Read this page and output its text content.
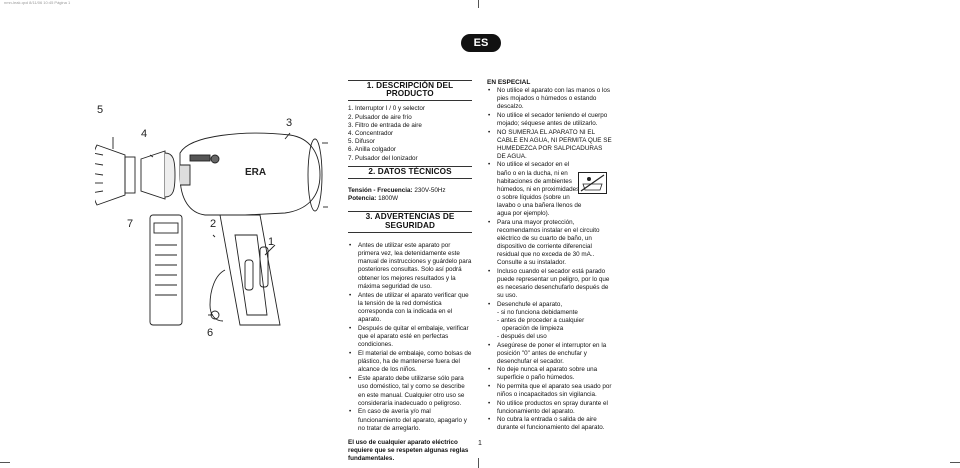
nmn-leak.qxd 8/11/06 10:45 Página 1
ES
ERA
1
2
3
4
5
6
7
1. DESCRIPCIÓN DEL PRODUCTO
1. Interruptor I / 0 y selector
2. Pulsador de aire frío
3. Filtro de entrada de aire
4. Concentrador
5. Difusor
6. Anilla colgador
7. Pulsador del Ionizador
2. DATOS TÉCNICOS
Tensión - Frecuencia: 230V-50Hz
Potencia: 1800W
3. ADVERTENCIAS DE SEGURIDAD
• Antes de utilizar este aparato por primera vez, lea detenidamente este manual de instrucciones y guárdelo para posteriores consultas. Solo así podrá obtener los mejores resultados y la máxima seguridad de uso.
• Antes de utilizar el aparato verificar que la tensión de la red doméstica corresponda con la indicada en el aparato.
• Después de quitar el embalaje, verificar que el aparato esté en perfectas condiciones.
• El material de embalaje, como bolsas de plástico, ha de mantenerse fuera del alcance de los niños.
• Este aparato debe utilizarse sólo para uso doméstico, tal y como se describe en este manual. Cualquier otro uso se consideraría inadecuado o peligroso.
• En caso de avería y/o mal funcionamiento del aparato, apagarlo y no tratar de arreglarlo.
El uso de cualquier aparato eléctrico requiere que se respeten algunas reglas fundamentales.
EN ESPECIAL
• No utilice el aparato con las manos o los pies mojados o húmedos o estando descalzo.
• No utilice el secador teniendo el cuerpo mojado; séquese antes de utilizarlo.
• NO SUMERJA EL APARATO NI EL CABLE EN AGUA, NI PERMITA QUE SE HUMEDEZCA POR SALPICADURAS DE AGUA.
• No utilice el secador en el baño o en la ducha, ni en habitaciones de ambientes húmedos, ni en proximidades o sobre líquidos (sobre un lavabo o una bañera llenos de agua por ejemplo).
• Para una mayor protección, recomendamos instalar en el circuito eléctrico de su cuarto de baño, un dispositivo de corriente diferencial residual que no exceda de 30 mA.. Consulte a su instalador.
• Incluso cuando el secador está parado puede representar un peligro, por lo que es necesario desenchufarlo después de su uso.
• Desenchufe el aparato,
- si no funciona debidamente
- antes de proceder a cualquier
operación de limpieza
- después del uso
• Asegúrese de poner el interruptor en la posición "0" antes de enchufar y desenchufar el secador.
• No deje nunca el aparato sobre una superficie o paño húmedos.
• No permita que el aparato sea usado por niños o incapacitados sin vigilancia.
• No utilice productos en spray durante el funcionamiento del aparato.
• No cubra la entrada o salida de aire durante el funcionamiento del aparato.
1
